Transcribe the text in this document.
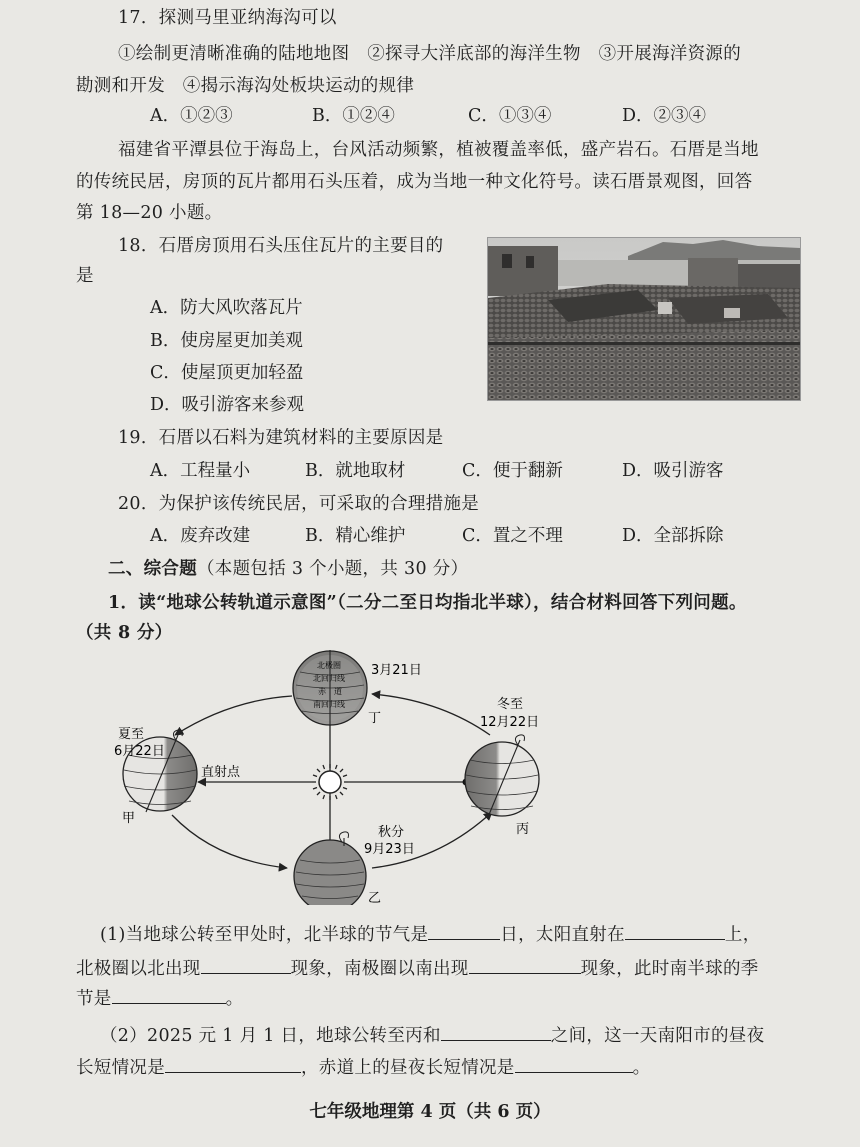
17．探测马里亚纳海沟可以
①绘制更清晰准确的陆地地图　②探寻大洋底部的海洋生物　③开展海洋资源的
勘测和开发　④揭示海沟处板块运动的规律
A．①②③	B．①②④	C．①③④	D．②③④
福建省平潭县位于海岛上，台风活动频繁，植被覆盖率低，盛产岩石。石厝是当地
的传统民居，房顶的瓦片都用石头压着，成为当地一种文化符号。读石厝景观图，回答
第 18—20 小题。
18．石厝房顶用石头压住瓦片的主要目的
是
A．防大风吹落瓦片
B．使房屋更加美观
C．使屋顶更加轻盈
D．吸引游客来参观
19．石厝以石料为建筑材料的主要原因是
A．工程量小	B．就地取材	C．便于翻新	D．吸引游客
20．为保护该传统民居，可采取的合理措施是
A．废弃改建	B．精心维护	C．置之不理	D．全部拆除
二、综合题（本题包括 3 个小题，共 30 分）
1．读“地球公转轨道示意图”（二分二至日均指北半球），结合材料回答下列问题。
（共 8 分）
夏至
6月22日
甲
直射点
3月21日
丁
北极圈
北回归线
赤　道
南回归线	冬至
12月22日
丙
秋分
9月23日
乙
(1)当地球公转至甲处时，北半球的节气是	日，太阳直射在	上，
北极圈以北出现	现象，南极圈以南出现	现象，此时南半球的季
节是	。
（2）2025 元 1 月 1 日，地球公转至丙和	之间，这一天南阳市的昼夜
长短情况是	，赤道上的昼夜长短情况是	。
七年级地理第 4 页（共 6 页）
